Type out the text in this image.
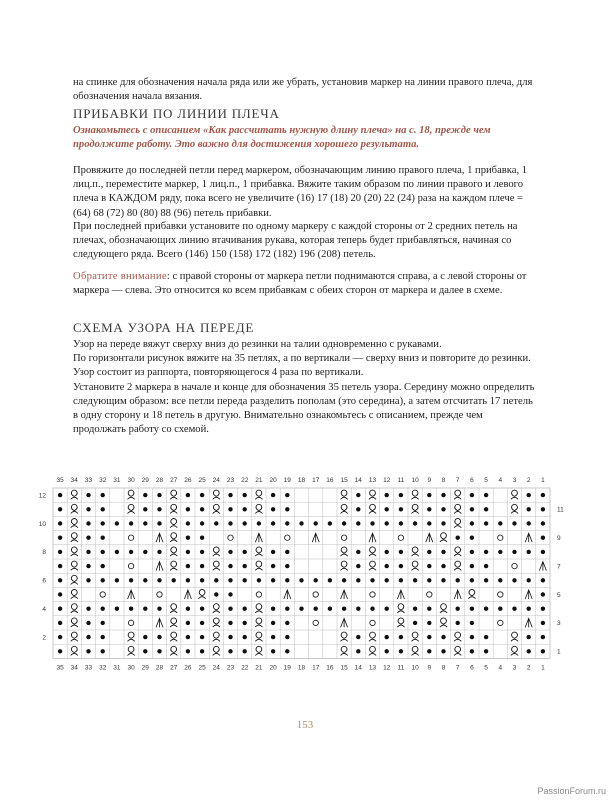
на спинке для обозначения начала ряда или же убрать, установив маркер на линии правого плеча, для обозначения начала вязания.

ПРИБАВКИ ПО ЛИНИИ ПЛЕЧА
Ознакомьтесь с описанием «Как рассчитать нужную длину плеча» на с. 18, прежде чем продолжите работу. Это важно для достижения хорошего результата.
Провяжите до последней петли перед маркером, обозначающим линию правого плеча, 1 прибавка, 1 лиц.п., переместите маркер, 1 лиц.п., 1 прибавка. Вяжите таким образом по линии правого и левого плеча в КАЖДОМ ряду, пока всего не увеличите (16) 17 (18) 20 (20) 22 (24) раза на каждом плече = (64) 68 (72) 80 (80) 88 (96) петель прибавки.
При последней прибавки установите по одному маркеру с каждой стороны от 2 средних петель на плечах, обозначающих линию втачивания рукава, которая теперь будет прибавляться, начиная со следующего ряда. Всего (146) 150 (158) 172 (182) 196 (208) петель.
Обратите внимание: с правой стороны от маркера петли поднимаются справа, а с левой стороны от маркера — слева. Это относится ко всем прибавкам с обеих сторон от маркера и далее в схеме.
СХЕМА УЗОРА НА ПЕРЕДЕ

Узор на переде вяжут сверху вниз до резинки на талии одновременно с рукавами.

По горизонтали рисунок вяжите на 35 петлях, а по вертикали — сверху вниз и повторите до резинки.

Узор состоит из раппорта, повторяющегося 4 раза по вертикали.

Установите 2 маркера в начале и конце для обозначения 35 петель узора. Середину можно определить следующим образом: все петли переда разделить пополам (это середина), а затем отсчитать 17 петель в одну сторону и 18 петель в другую. Внимательно ознакомьтесь с описанием, прежде чем продолжать работу со схемой.

35
35
34
34
33
33
32
32
31
31
30
30
29
29
28
28
27
27
26
26
25
25
24
24
23
23
22
22
21
21
20
20
19
19
18
18
17
17
16
16
15
15
14
14
13
13
12
12
11
11
10
10
9
9
8
8
7
7
6
6
5
5
4
4
3
3
2
2
1
1
12
11
10
9
8
7
6
5
4
3
2
1
153
PassionForum.ru
